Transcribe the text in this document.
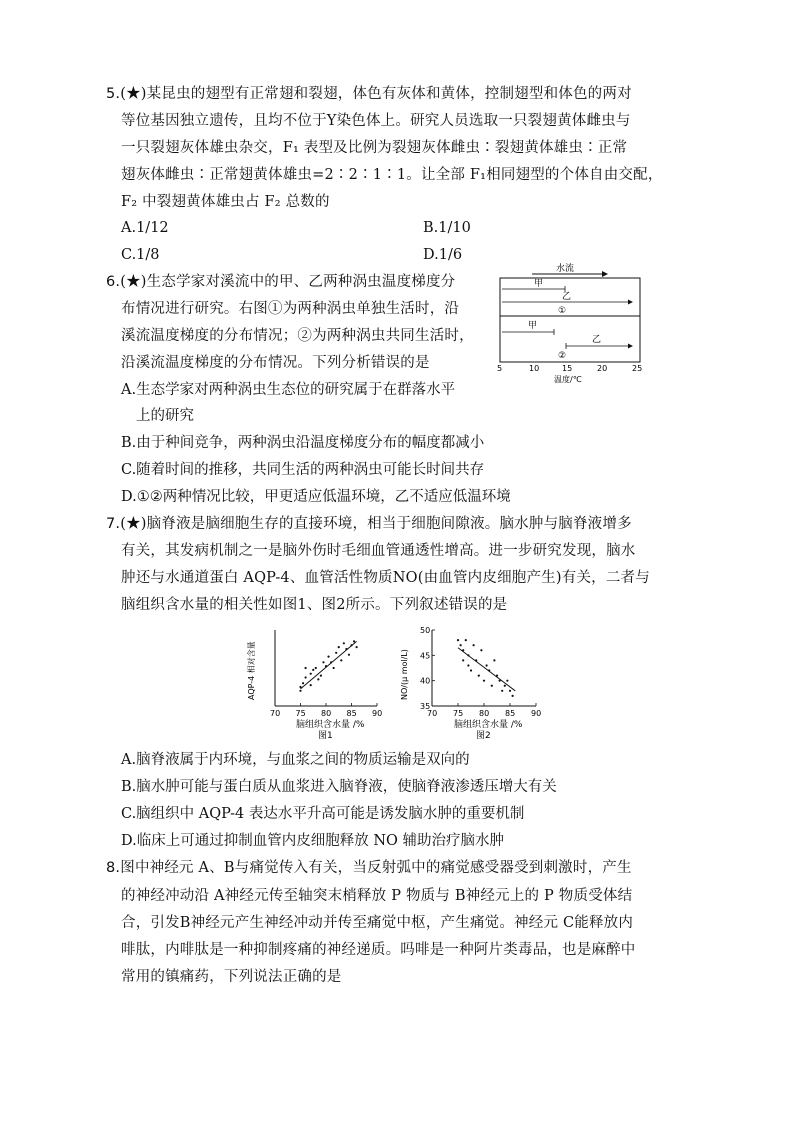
5.(★)某昆虫的翅型有正常翅和裂翅，体色有灰体和黄体，控制翅型和体色的两对
等位基因独立遗传，且均不位于Y染色体上。研究人员选取一只裂翅黄体雌虫与
一只裂翅灰体雄虫杂交，F₁ 表型及比例为裂翅灰体雌虫∶裂翅黄体雄虫∶正常
翅灰体雌虫∶正常翅黄体雄虫=2∶2∶1∶1。让全部 F₁相同翅型的个体自由交配，
F₂ 中裂翅黄体雄虫占 F₂ 总数的
A.1/12	B.1/10
C.1/8	D.1/6
6.(★)生态学家对溪流中的甲、乙两种涡虫温度梯度分
布情况进行研究。右图①为两种涡虫单独生活时，沿
溪流温度梯度的分布情况；②为两种涡虫共同生活时，
沿溪流温度梯度的分布情况。下列分析错误的是
A.生态学家对两种涡虫生态位的研究属于在群落水平
上的研究
B.由于种间竞争，两种涡虫沿温度梯度分布的幅度都减小
C.随着时间的推移，共同生活的两种涡虫可能长时间共存
D.①②两种情况比较，甲更适应低温环境，乙不适应低温环境
水流
甲
乙
①
甲
乙
②
5	10	15	20	25
温度/℃
7.(★)脑脊液是脑细胞生存的直接环境，相当于细胞间隙液。脑水肿与脑脊液增多
有关，其发病机制之一是脑外伤时毛细血管通透性增高。进一步研究发现，脑水
肿还与水通道蛋白 AQP-4、血管活性物质NO(由血管内皮细胞产生)有关，二者与
脑组织含水量的相关性如图1、图2所示。下列叙述错误的是
70 75 80 85 90
AQP-4 相对含量
脑组织含水量 /%
图1
70 75 80 85 90
35
40
45
50
NO/(μ mol/L)
脑组织含水量 /%
图2
A.脑脊液属于内环境，与血浆之间的物质运输是双向的
B.脑水肿可能与蛋白质从血浆进入脑脊液，使脑脊液渗透压增大有关
C.脑组织中 AQP-4 表达水平升高可能是诱发脑水肿的重要机制
D.临床上可通过抑制血管内皮细胞释放 NO 辅助治疗脑水肿
8.图中神经元 A、B与痛觉传入有关，当反射弧中的痛觉感受器受到刺激时，产生
的神经冲动沿 A神经元传至轴突末梢释放 P 物质与 B神经元上的 P 物质受体结
合，引发B神经元产生神经冲动并传至痛觉中枢，产生痛觉。神经元 C能释放内
啡肽，内啡肽是一种抑制疼痛的神经递质。吗啡是一种阿片类毒品，也是麻醉中
常用的镇痛药，下列说法正确的是
